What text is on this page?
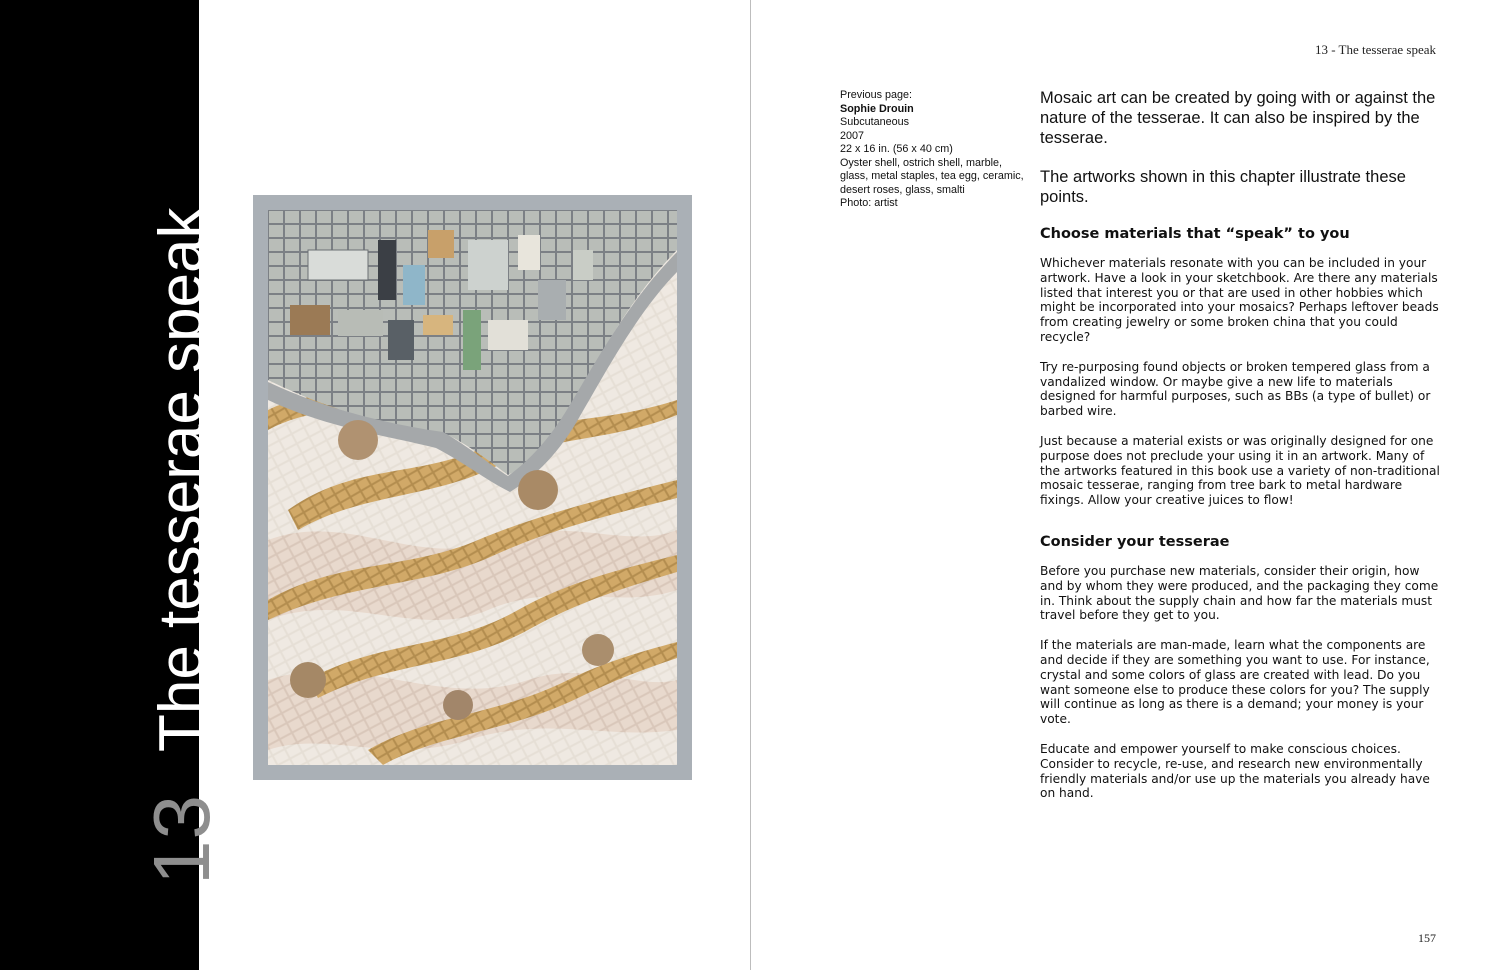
13
The tesserae speak
13 - The tesserae speak
Previous page:
Sophie Drouin
Subcutaneous
2007
22 x 16 in. (56 x 40 cm)
Oyster shell, ostrich shell, marble, glass, metal staples, tea egg, ceramic, desert roses, glass, smalti
Photo: artist

Mosaic art can be created by going with or against the nature of the tesserae. It can also be inspired by the tesserae.

The artworks shown in this chapter illustrate these points.

Choose materials that “speak” to you

Whichever materials resonate with you can be included in your artwork. Have a look in your sketchbook. Are there any materials listed that interest you or that are used in other hobbies which might be incorporated into your mosaics? Perhaps leftover beads from creating jewelry or some broken china that you could recycle?

Try re-purposing found objects or broken tempered glass from a vandalized window. Or maybe give a new life to materials designed for harmful purposes, such as BBs (a type of bullet) or barbed wire.

Just because a material exists or was originally designed for one purpose does not preclude your using it in an artwork. Many of the artworks featured in this book use a variety of non-traditional mosaic tesserae, ranging from tree bark to metal hardware fixings. Allow your creative juices to flow!

Consider your tesserae

Before you purchase new materials, consider their origin, how and by whom they were produced, and the packaging they come in. Think about the supply chain and how far the materials must travel before they get to you.

If the materials are man-made, learn what the components are and decide if they are something you want to use. For instance, crystal and some colors of glass are created with lead. Do you want someone else to produce these colors for you? The supply will continue as long as there is a demand; your money is your vote.

Educate and empower yourself to make conscious choices. Consider to recycle, re-use, and research new environmentally friendly materials and/or use up the materials you already have on hand.

157
